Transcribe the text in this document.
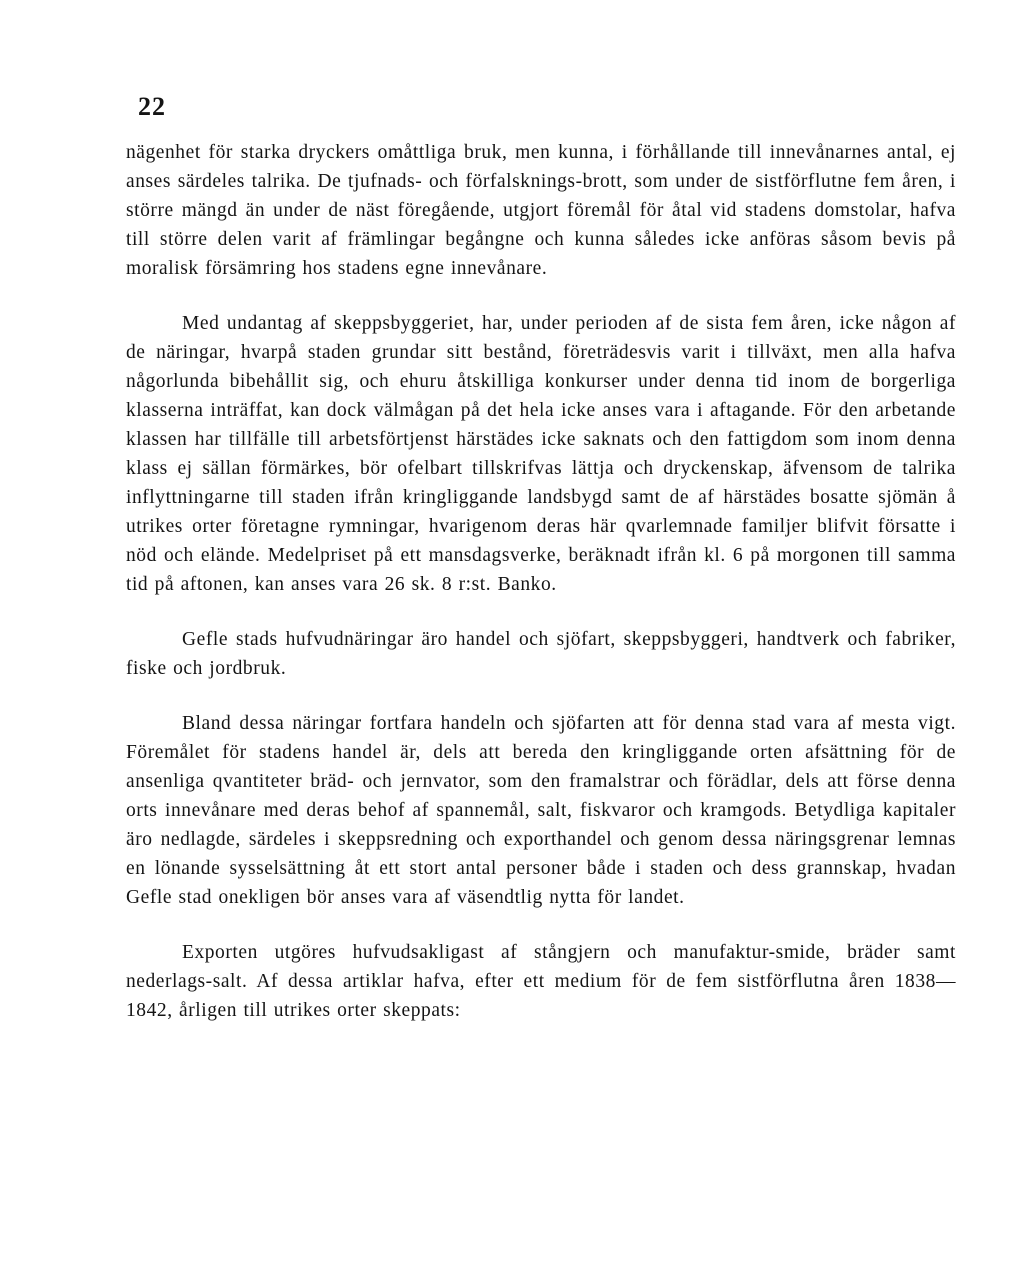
22

nägenhet för starka dryckers omåttliga bruk, men kunna, i förhållande till innevånarnes antal, ej anses särdeles talrika. De tjufnads- och förfalsknings-brott, som under de sistförflutne fem åren, i större mängd än under de näst föregående, utgjort föremål för åtal vid stadens domstolar, hafva till större delen varit af främlingar begångne och kunna således icke anföras såsom bevis på moralisk försämring hos stadens egne innevånare.

Med undantag af skeppsbyggeriet, har, under perioden af de sista fem åren, icke någon af de näringar, hvarpå staden grundar sitt bestånd, företrädesvis varit i tillväxt, men alla hafva någorlunda bibehållit sig, och ehuru åtskilliga konkurser under denna tid inom de borgerliga klasserna inträffat, kan dock välmågan på det hela icke anses vara i aftagande. För den arbetande klassen har tillfälle till arbetsförtjenst härstädes icke saknats och den fattigdom som inom denna klass ej sällan förmärkes, bör ofelbart tillskrifvas lättja och dryckenskap, äfvensom de talrika inflyttningarne till staden ifrån kringliggande landsbygd samt de af härstädes bosatte sjömän å utrikes orter företagne rymningar, hvarigenom deras här qvarlemnade familjer blifvit försatte i nöd och elände. Medelpriset på ett mansdagsverke, beräknadt ifrån kl. 6 på morgonen till samma tid på aftonen, kan anses vara 26 sk. 8 r:st. Banko.

Gefle stads hufvudnäringar äro handel och sjöfart, skeppsbyggeri, handtverk och fabriker, fiske och jordbruk.

Bland dessa näringar fortfara handeln och sjöfarten att för denna stad vara af mesta vigt. Föremålet för stadens handel är, dels att bereda den kringliggande orten afsättning för de ansenliga qvantiteter bräd- och jernvator, som den framalstrar och förädlar, dels att förse denna orts innevånare med deras behof af spannemål, salt, fiskvaror och kramgods. Betydliga kapitaler äro nedlagde, särdeles i skeppsredning och exporthandel och genom dessa näringsgrenar lemnas en lönande sysselsättning åt ett stort antal personer både i staden och dess grannskap, hvadan Gefle stad onekligen bör anses vara af väsendtlig nytta för landet.

Exporten utgöres hufvudsakligast af stångjern och manufaktur-smide, bräder samt nederlags-salt. Af dessa artiklar hafva, efter ett medium för de fem sistförflutna åren 1838—1842, årligen till utrikes orter skeppats:
